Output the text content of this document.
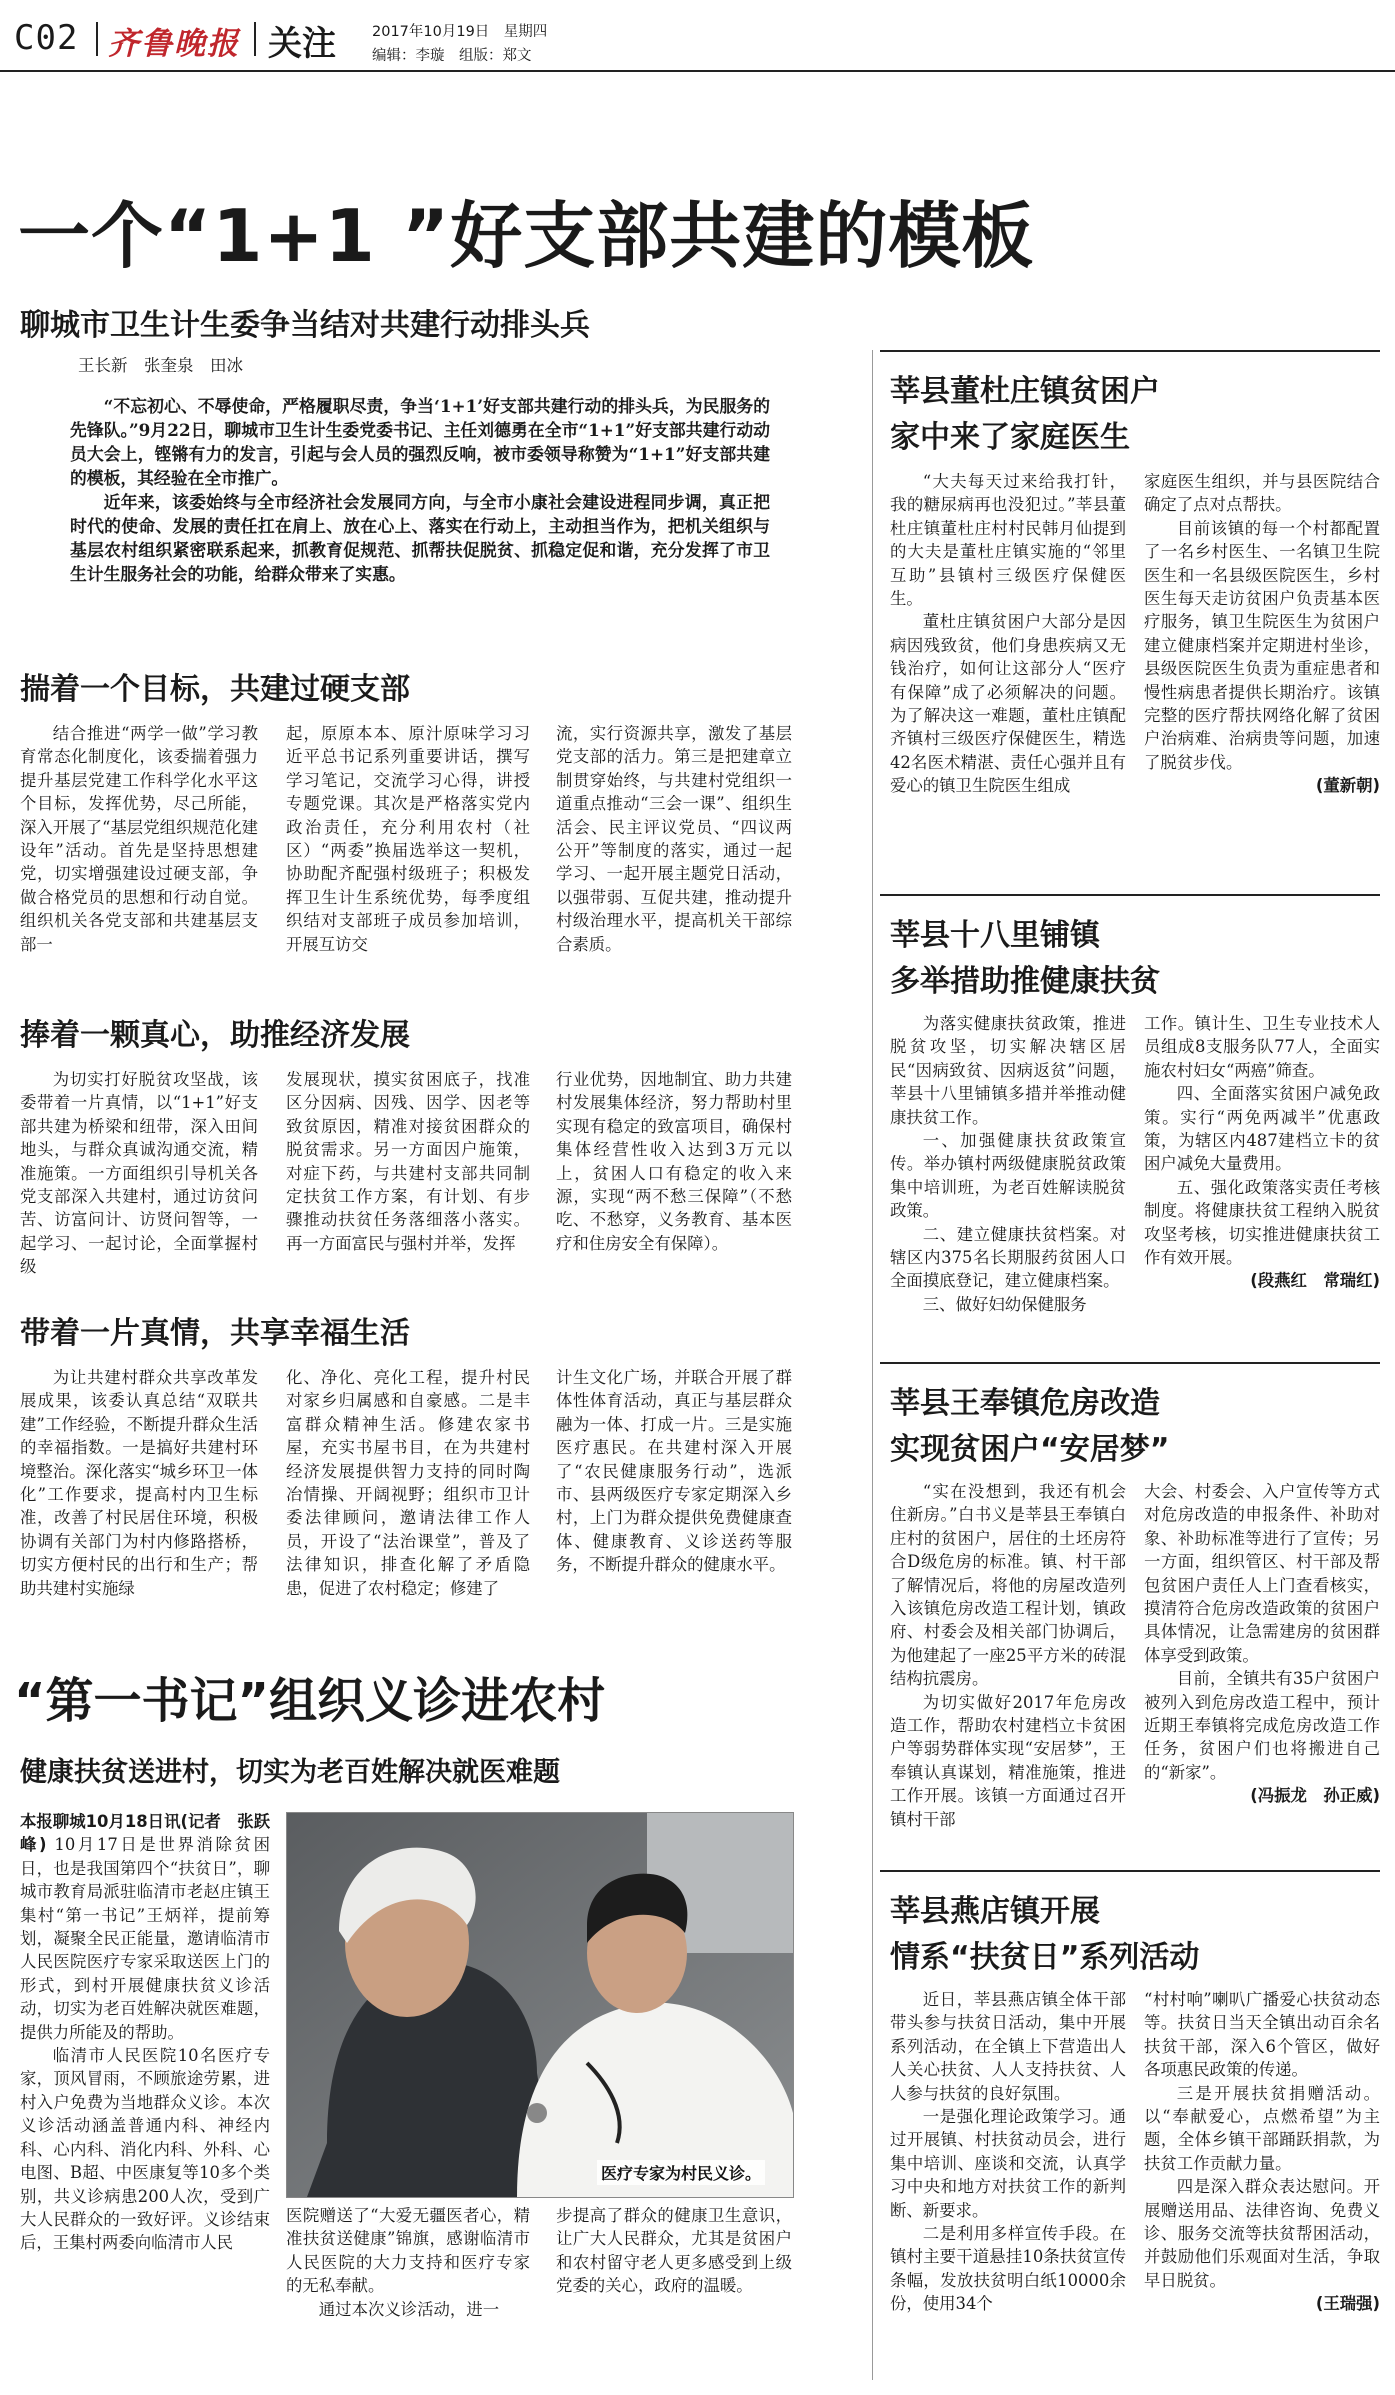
C02 齐鲁晚报 关注 2017年10月19日　星期四
编辑：李璇　组版：郑文
一个“1+1 ”好支部共建的模板
聊城市卫生计生委争当结对共建行动排头兵
王长新　张奎泉　田冰

“不忘初心、不辱使命，严格履职尽责，争当‘1+1’好支部共建行动的排头兵，为民服务的先锋队。”9月22日，聊城市卫生计生委党委书记、主任刘德勇在全市“1+1”好支部共建行动动员大会上，铿锵有力的发言，引起与会人员的强烈反响，被市委领导称赞为“1+1”好支部共建的模板，其经验在全市推广。

近年来，该委始终与全市经济社会发展同方向，与全市小康社会建设进程同步调，真正把时代的使命、发展的责任扛在肩上、放在心上、落实在行动上，主动担当作为，把机关组织与基层农村组织紧密联系起来，抓教育促规范、抓帮扶促脱贫、抓稳定促和谐，充分发挥了市卫生计生服务社会的功能，给群众带来了实惠。

揣着一个目标，共建过硬支部

结合推进“两学一做”学习教育常态化制度化，该委揣着强力提升基层党建工作科学化水平这个目标，发挥优势，尽己所能，深入开展了“基层党组织规范化建设年”活动。首先是坚持思想建党，切实增强建设过硬支部，争做合格党员的思想和行动自觉。组织机关各党支部和共建基层支部一

起，原原本本、原汁原味学习习近平总书记系列重要讲话，撰写学习笔记，交流学习心得，讲授专题党课。其次是严格落实党内政治责任，充分利用农村（社区）“两委”换届选举这一契机，协助配齐配强村级班子；积极发挥卫生计生系统优势，每季度组织结对支部班子成员参加培训，开展互访交

流，实行资源共享，激发了基层党支部的活力。第三是把建章立制贯穿始终，与共建村党组织一道重点推动“三会一课”、组织生活会、民主评议党员、“四议两公开”等制度的落实，通过一起学习、一起开展主题党日活动，以强带弱、互促共建，推动提升村级治理水平，提高机关干部综合素质。

捧着一颗真心，助推经济发展

为切实打好脱贫攻坚战，该委带着一片真情，以“1+1”好支部共建为桥梁和纽带，深入田间地头，与群众真诚沟通交流，精准施策。一方面组织引导机关各党支部深入共建村，通过访贫问苦、访富问计、访贤问智等，一起学习、一起讨论，全面掌握村级

发展现状，摸实贫困底子，找准区分因病、因残、因学、因老等致贫原因，精准对接贫困群众的脱贫需求。另一方面因户施策，对症下药，与共建村支部共同制定扶贫工作方案，有计划、有步骤推动扶贫任务落细落小落实。再一方面富民与强村并举，发挥

行业优势，因地制宜、助力共建村发展集体经济，努力帮助村里实现有稳定的致富项目，确保村集体经营性收入达到3万元以上，贫困人口有稳定的收入来源，实现“两不愁三保障”（不愁吃、不愁穿，义务教育、基本医疗和住房安全有保障）。

带着一片真情，共享幸福生活

为让共建村群众共享改革发展成果，该委认真总结“双联共建”工作经验，不断提升群众生活的幸福指数。一是搞好共建村环境整治。深化落实“城乡环卫一体化”工作要求，提高村内卫生标准，改善了村民居住环境，积极协调有关部门为村内修路搭桥，切实方便村民的出行和生产；帮助共建村实施绿

化、净化、亮化工程，提升村民对家乡归属感和自豪感。二是丰富群众精神生活。修建农家书屋，充实书屋书目，在为共建村经济发展提供智力支持的同时陶冶情操、开阔视野；组织市卫计委法律顾问，邀请法律工作人员，开设了“法治课堂”，普及了法律知识，排查化解了矛盾隐患，促进了农村稳定；修建了

计生文化广场，并联合开展了群体性体育活动，真正与基层群众融为一体、打成一片。三是实施医疗惠民。在共建村深入开展了“农民健康服务行动”，选派市、县两级医疗专家定期深入乡村，上门为群众提供免费健康查体、健康教育、义诊送药等服务，不断提升群众的健康水平。

“第一书记”组织义诊进农村
健康扶贫送进村，切实为老百姓解决就医难题
本报聊城10月18日讯(记者　张跃峰) 10月17日是世界消除贫困日，也是我国第四个“扶贫日”，聊城市教育局派驻临清市老赵庄镇王集村“第一书记”王炳祥，提前筹划，凝聚全民正能量，邀请临清市人民医院医疗专家采取送医上门的形式，到村开展健康扶贫义诊活动，切实为老百姓解决就医难题，提供力所能及的帮助。

临清市人民医院10名医疗专家，顶风冒雨，不顾旅途劳累，进村入户免费为当地群众义诊。本次义诊活动涵盖普通内科、神经内科、心内科、消化内科、外科、心电图、B超、中医康复等10多个类别，共义诊病患200人次，受到广大人民群众的一致好评。义诊结束后，王集村两委向临清市人民

医疗专家为村民义诊。

医院赠送了“大爱无疆医者心，精准扶贫送健康”锦旗，感谢临清市人民医院的大力支持和医疗专家的无私奉献。

通过本次义诊活动，进一

步提高了群众的健康卫生意识，让广大人民群众，尤其是贫困户和农村留守老人更多感受到上级党委的关心，政府的温暖。

莘县董杜庄镇贫困户
家中来了家庭医生

“大夫每天过来给我打针，我的糖尿病再也没犯过。”莘县董杜庄镇董杜庄村村民韩月仙提到的大夫是董杜庄镇实施的“邻里互助”县镇村三级医疗保健医生。

董杜庄镇贫困户大部分是因病因残致贫，他们身患疾病又无钱治疗，如何让这部分人“医疗有保障”成了必须解决的问题。为了解决这一难题，董杜庄镇配齐镇村三级医疗保健医生，精选42名医术精湛、责任心强并且有爱心的镇卫生院医生组成

家庭医生组织，并与县医院结合确定了点对点帮扶。

目前该镇的每一个村都配置了一名乡村医生、一名镇卫生院医生和一名县级医院医生，乡村医生每天走访贫困户负责基本医疗服务，镇卫生院医生为贫困户建立健康档案并定期进村坐诊，县级医院医生负责为重症患者和慢性病患者提供长期治疗。该镇完整的医疗帮扶网络化解了贫困户治病难、治病贵等问题，加速了脱贫步伐。

(董新朝)
莘县十八里铺镇
多举措助推健康扶贫

为落实健康扶贫政策，推进脱贫攻坚，切实解决辖区居民“因病致贫、因病返贫”问题，莘县十八里铺镇多措并举推动健康扶贫工作。

一、加强健康扶贫政策宣传。举办镇村两级健康脱贫政策集中培训班，为老百姓解读脱贫政策。

二、建立健康扶贫档案。对辖区内375名长期服药贫困人口全面摸底登记，建立健康档案。

三、做好妇幼保健服务

工作。镇计生、卫生专业技术人员组成8支服务队77人，全面实施农村妇女“两癌”筛查。

四、全面落实贫困户减免政策。实行“两免两减半”优惠政策，为辖区内487建档立卡的贫困户减免大量费用。

五、强化政策落实责任考核制度。将健康扶贫工程纳入脱贫攻坚考核，切实推进健康扶贫工作有效开展。

(段燕红　常瑞红)
莘县王奉镇危房改造
实现贫困户“安居梦”

“实在没想到，我还有机会住新房。”白书义是莘县王奉镇白庄村的贫困户，居住的土坯房符合D级危房的标准。镇、村干部了解情况后，将他的房屋改造列入该镇危房改造工程计划，镇政府、村委会及相关部门协调后，为他建起了一座25平方米的砖混结构抗震房。

为切实做好2017年危房改造工作，帮助农村建档立卡贫困户等弱势群体实现“安居梦”，王奉镇认真谋划，精准施策，推进工作开展。该镇一方面通过召开镇村干部

大会、村委会、入户宣传等方式对危房改造的申报条件、补助对象、补助标准等进行了宣传；另一方面，组织管区、村干部及帮包贫困户责任人上门查看核实，摸清符合危房改造政策的贫困户具体情况，让急需建房的贫困群体享受到政策。

目前，全镇共有35户贫困户被列入到危房改造工程中，预计近期王奉镇将完成危房改造工作任务，贫困户们也将搬进自己的“新家”。

(冯振龙　孙正威)
莘县燕店镇开展
情系“扶贫日”系列活动

近日，莘县燕店镇全体干部带头参与扶贫日活动，集中开展系列活动，在全镇上下营造出人人关心扶贫、人人支持扶贫、人人参与扶贫的良好氛围。

一是强化理论政策学习。通过开展镇、村扶贫动员会，进行集中培训、座谈和交流，认真学习中央和地方对扶贫工作的新判断、新要求。

二是利用多样宣传手段。在镇村主要干道悬挂10条扶贫宣传条幅，发放扶贫明白纸10000余份，使用34个

“村村响”喇叭广播爱心扶贫动态等。扶贫日当天全镇出动百余名扶贫干部，深入6个管区，做好各项惠民政策的传递。

三是开展扶贫捐赠活动。以“奉献爱心，点燃希望”为主题，全体乡镇干部踊跃捐款，为扶贫工作贡献力量。

四是深入群众表达慰问。开展赠送用品、法律咨询、免费义诊、服务交流等扶贫帮困活动，并鼓励他们乐观面对生活，争取早日脱贫。

(王瑞强)
